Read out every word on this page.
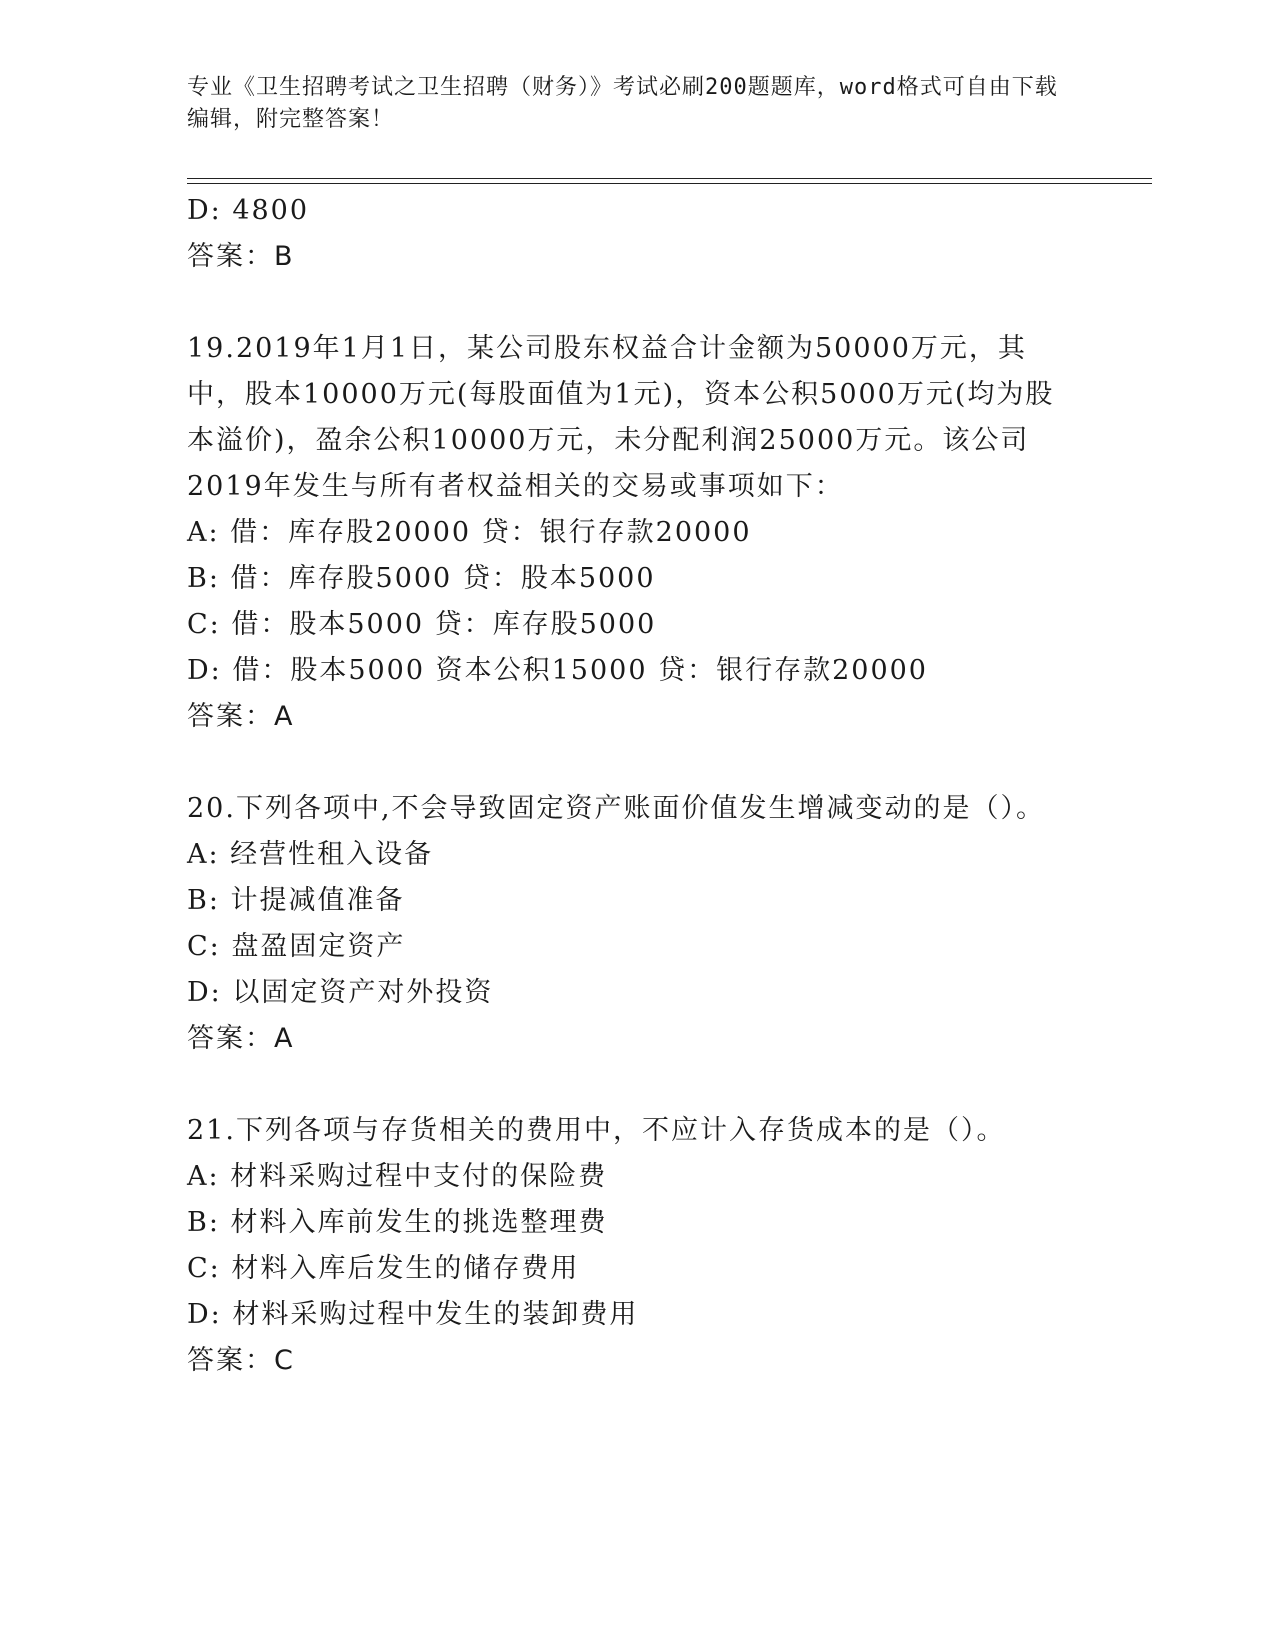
专业《卫生招聘考试之卫生招聘（财务）》考试必刷200题题库，word格式可自由下载编辑，附完整答案！
D: 4800
答案：B
19.2019年1月1日，某公司股东权益合计金额为50000万元，其中，股本10000万元(每股面值为1元)，资本公积5000万元(均为股本溢价)，盈余公积10000万元，未分配利润25000万元。该公司2019年发生与所有者权益相关的交易或事项如下：
A: 借：库存股20000 贷：银行存款20000
B: 借：库存股5000 贷：股本5000
C: 借：股本5000 贷：库存股5000
D: 借：股本5000 资本公积15000 贷：银行存款20000
答案：A
20.下列各项中,不会导致固定资产账面价值发生增减变动的是（）。
A: 经营性租入设备
B: 计提减值准备
C: 盘盈固定资产
D: 以固定资产对外投资
答案：A
21.下列各项与存货相关的费用中，不应计入存货成本的是（）。
A: 材料采购过程中支付的保险费
B: 材料入库前发生的挑选整理费
C: 材料入库后发生的储存费用
D: 材料采购过程中发生的装卸费用
答案：C
